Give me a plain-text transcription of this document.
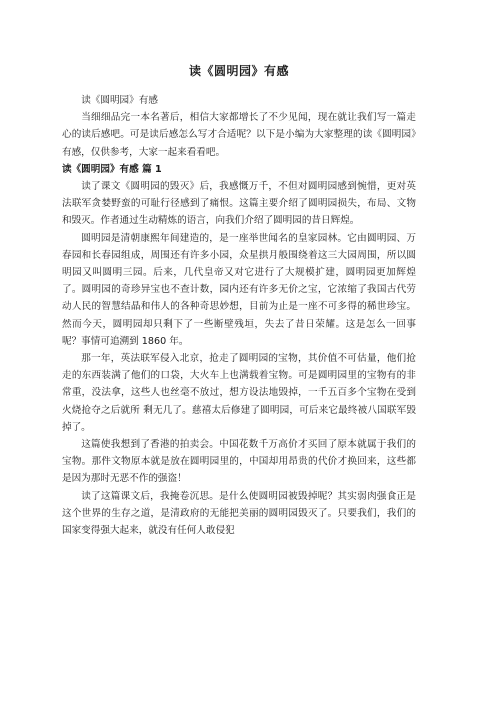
读《圆明园》有感

读《圆明园》有感

当细细品完一本名著后，相信大家都增长了不少见闻，现在就让我们写一篇走心的读后感吧。可是读后感怎么写才合适呢？以下是小编为大家整理的读《圆明园》有感，仅供参考，大家一起来看看吧。

读《圆明园》有感 篇 1

读了课文《圆明园的毁灭》后，我感慨万千，不但对圆明园感到惋惜，更对英法联军贪婪野蛮的可耻行径感到了痛恨。这篇主要介绍了圆明园损失，布局、文物和毁灭。作者通过生动精炼的语言，向我们介绍了圆明园的昔日辉煌。

圆明园是清朝康熙年间建造的，是一座举世闻名的皇家园林。它由圆明园、万春园和长春园组成，周围还有许多小园，众星拱月般围绕着这三大园周围，所以圆明园又叫圆明三园。后来，几代皇帝又对它进行了大规模扩建，圆明园更加辉煌了。圆明园的奇珍异宝也不查计数，园内还有许多无价之宝，它浓缩了我国古代劳动人民的智慧结晶和伟人的各种奇思妙想，目前为止是一座不可多得的稀世珍宝。然而今天，圆明园却只剩下了一些断壁残垣，失去了昔日荣耀。这是怎么一回事呢？事情可追溯到 1860 年。

那一年，英法联军侵入北京，抢走了圆明园的宝物，其价值不可估量，他们抢走的东西装满了他们的口袋，大火车上也满载着宝物。可是圆明园里的宝物有的非常重，没法拿，这些人也丝毫不放过，想方设法地毁掉，一千五百多个宝物在受到火烧抢夺之后就所 剩无几了。慈禧太后修建了圆明园，可后来它最终被八国联军毁掉了。

这篇使我想到了香港的拍卖会。中国花数千万高价才买回了原本就属于我们的宝物。那件文物原本就是放在圆明园里的，中国却用昂贵的代价才换回来，这些都是因为那时无恶不作的强盗！

读了这篇课文后，我掩卷沉思。是什么使圆明园被毁掉呢？其实弱肉强食正是这个世界的生存之道，是清政府的无能把美丽的圆明园毁灭了。只要我们，我们的国家变得强大起来，就没有任何人敢侵犯
